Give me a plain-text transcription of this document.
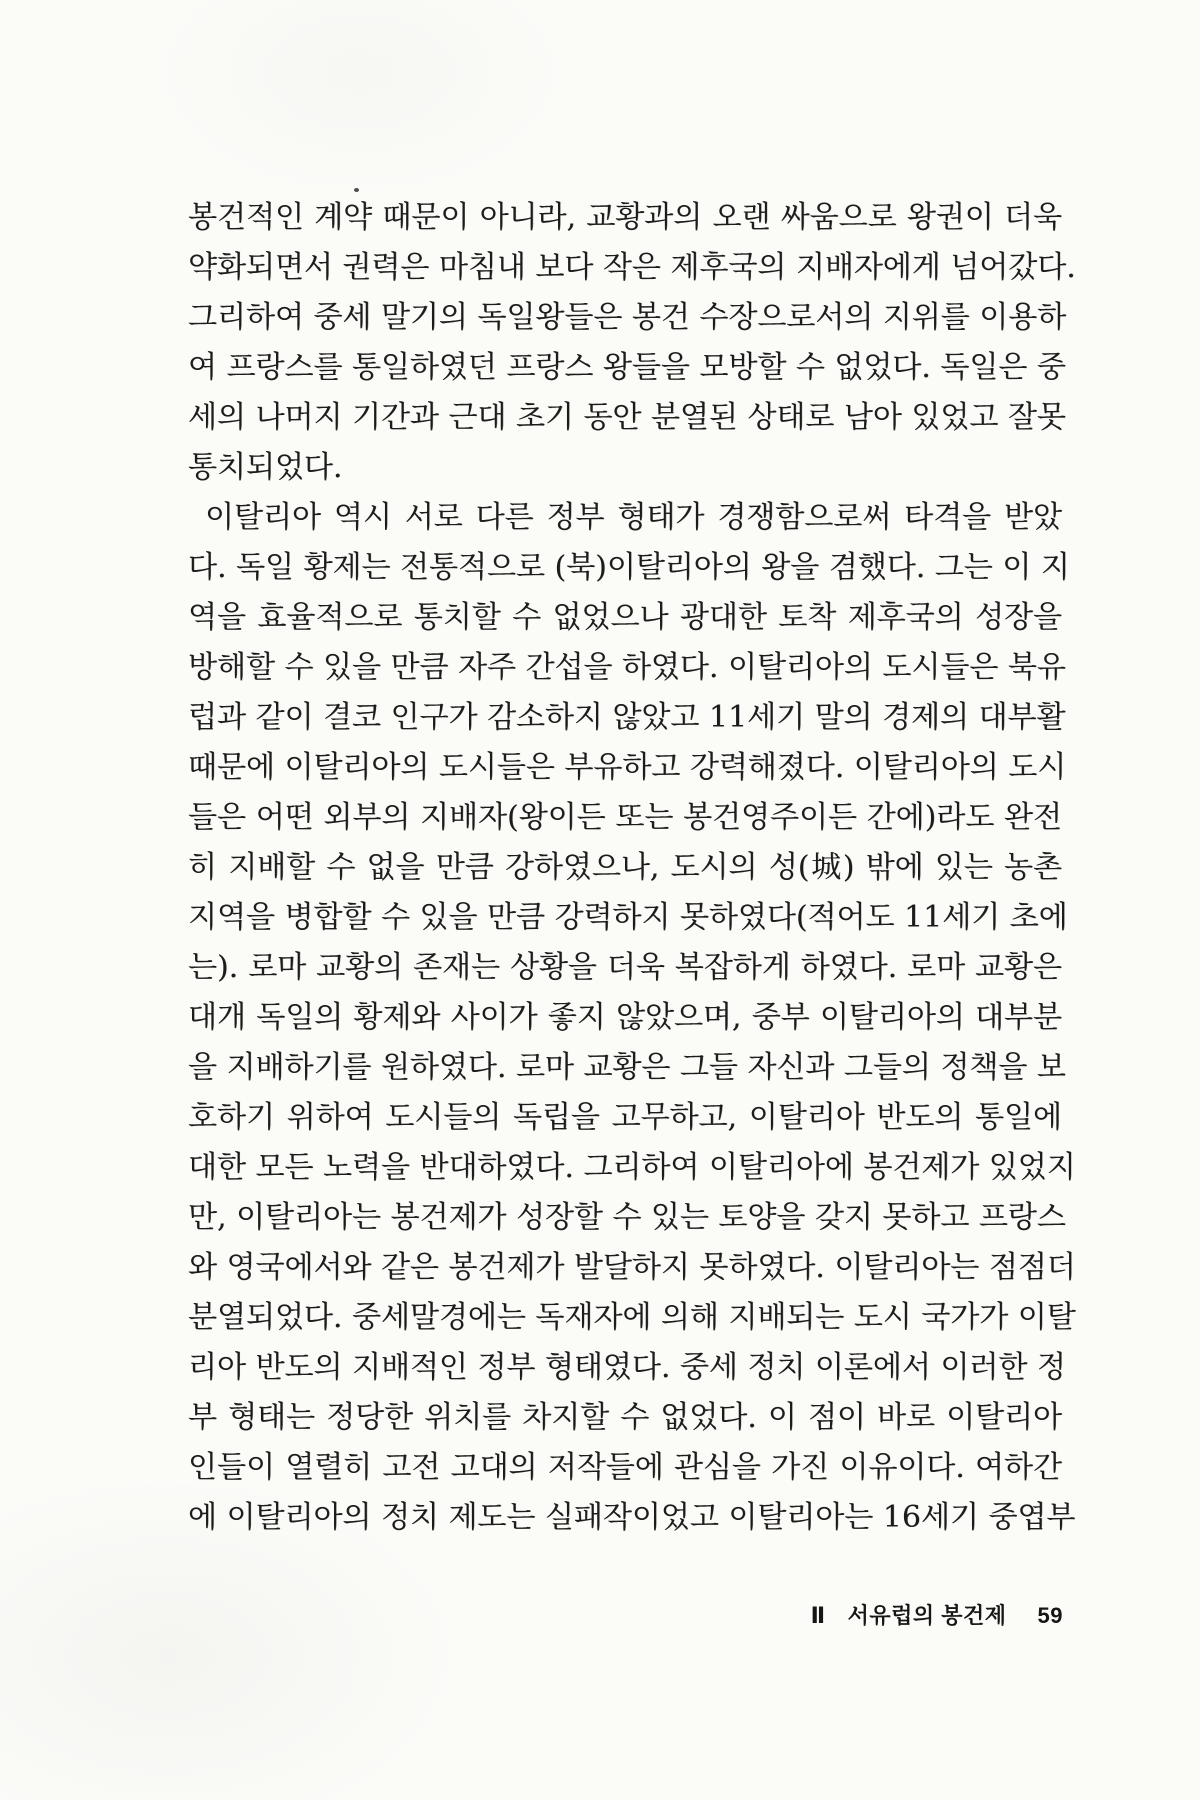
봉건적인 계약 때문이 아니라, 교황과의 오랜 싸움으로 왕권이 더욱
약화되면서 권력은 마침내 보다 작은 제후국의 지배자에게 넘어갔다.
그리하여 중세 말기의 독일왕들은 봉건 수장으로서의 지위를 이용하
여 프랑스를 통일하였던 프랑스 왕들을 모방할 수 없었다. 독일은 중
세의 나머지 기간과 근대 초기 동안 분열된 상태로 남아 있었고 잘못
통치되었다.
이탈리아 역시 서로 다른 정부 형태가 경쟁함으로써 타격을 받았
다. 독일 황제는 전통적으로 (북)이탈리아의 왕을 겸했다. 그는 이 지
역을 효율적으로 통치할 수 없었으나 광대한 토착 제후국의 성장을
방해할 수 있을 만큼 자주 간섭을 하였다. 이탈리아의 도시들은 북유
럽과 같이 결코 인구가 감소하지 않았고 11세기 말의 경제의 대부활
때문에 이탈리아의 도시들은 부유하고 강력해졌다. 이탈리아의 도시
들은 어떤 외부의 지배자(왕이든 또는 봉건영주이든 간에)라도 완전
히 지배할 수 없을 만큼 강하였으나, 도시의 성(城) 밖에 있는 농촌
지역을 병합할 수 있을 만큼 강력하지 못하였다(적어도 11세기 초에
는). 로마 교황의 존재는 상황을 더욱 복잡하게 하였다. 로마 교황은
대개 독일의 황제와 사이가 좋지 않았으며, 중부 이탈리아의 대부분
을 지배하기를 원하였다. 로마 교황은 그들 자신과 그들의 정책을 보
호하기 위하여 도시들의 독립을 고무하고, 이탈리아 반도의 통일에
대한 모든 노력을 반대하였다. 그리하여 이탈리아에 봉건제가 있었지
만, 이탈리아는 봉건제가 성장할 수 있는 토양을 갖지 못하고 프랑스
와 영국에서와 같은 봉건제가 발달하지 못하였다. 이탈리아는 점점더
분열되었다. 중세말경에는 독재자에 의해 지배되는 도시 국가가 이탈
리아 반도의 지배적인 정부 형태였다. 중세 정치 이론에서 이러한 정
부 형태는 정당한 위치를 차지할 수 없었다. 이 점이 바로 이탈리아
인들이 열렬히 고전 고대의 저작들에 관심을 가진 이유이다. 여하간
에 이탈리아의 정치 제도는 실패작이었고 이탈리아는 16세기 중엽부
Ⅱ 서유럽의 봉건제 59
